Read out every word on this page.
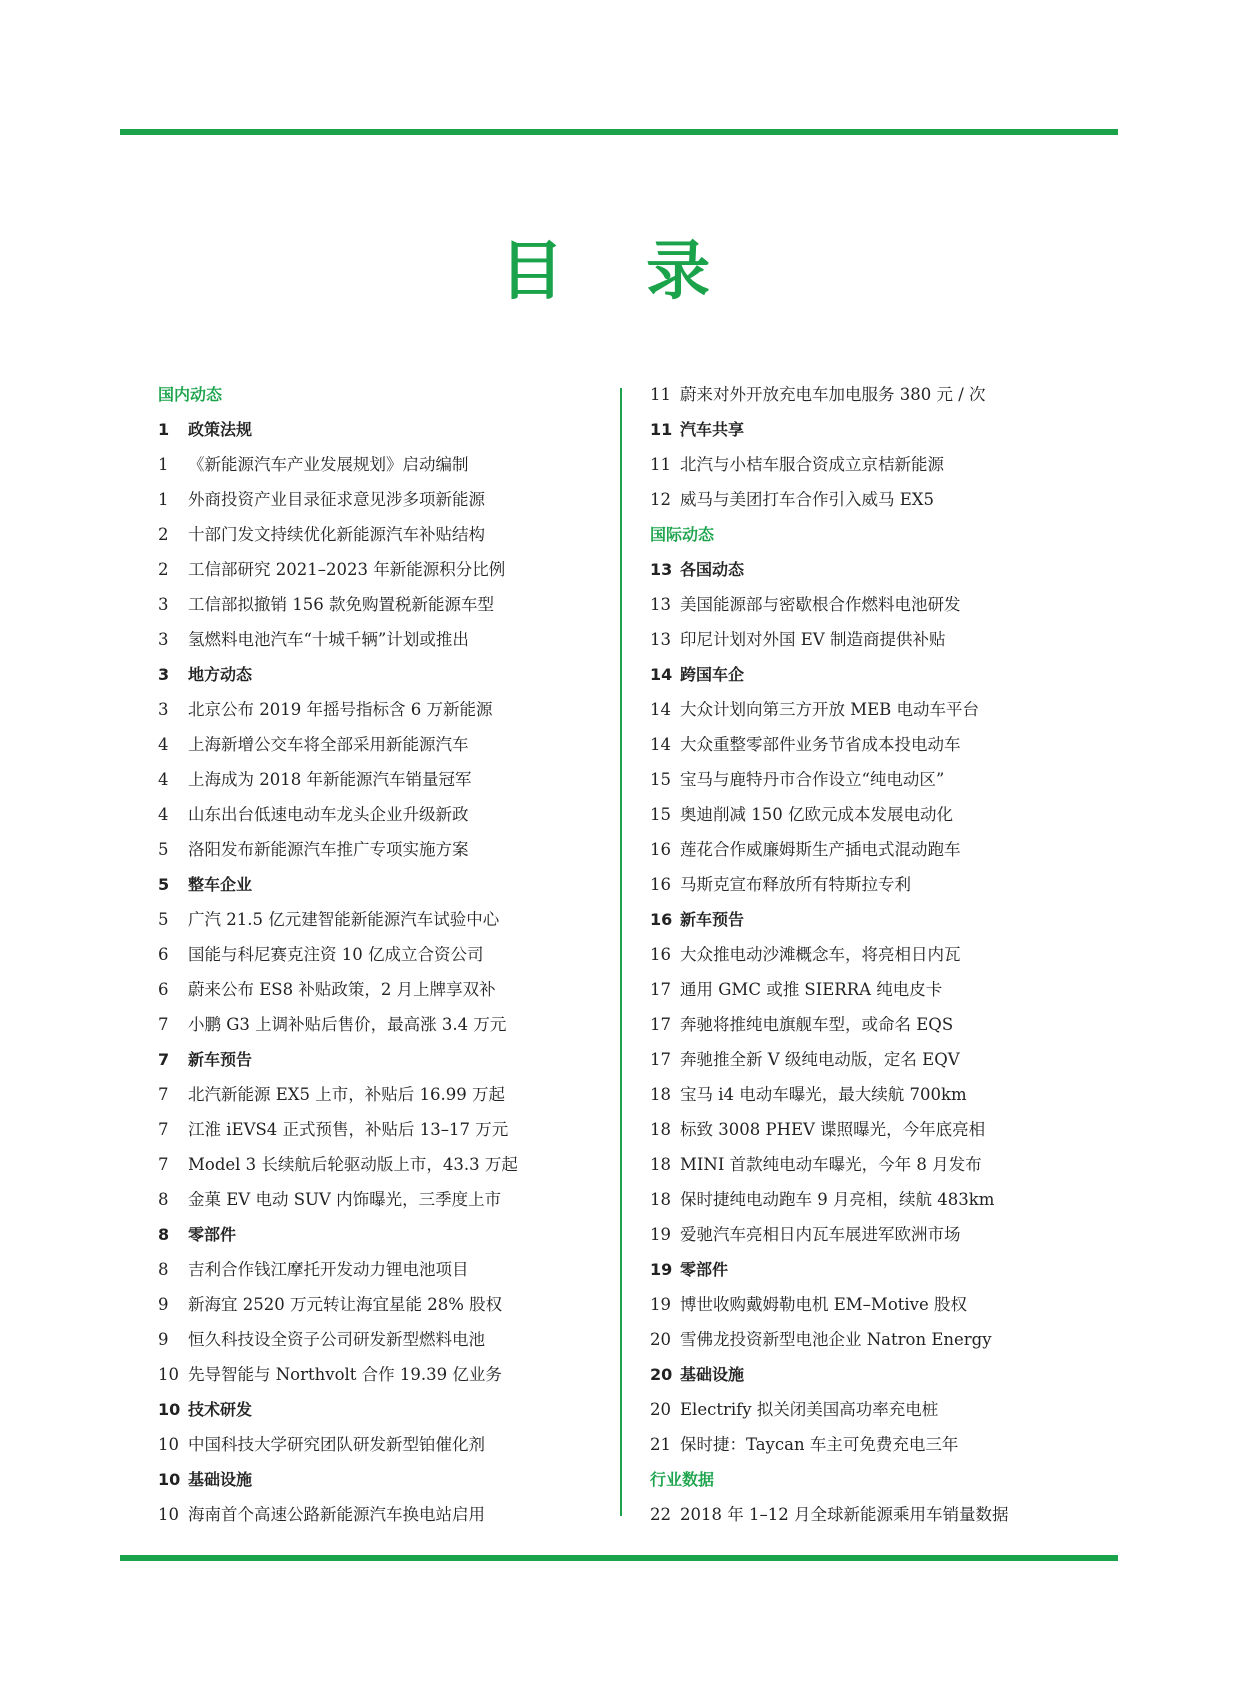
目 录
国内动态
1 政策法规
1 《新能源汽车产业发展规划》启动编制
1 外商投资产业目录征求意见涉多项新能源
2 十部门发文持续优化新能源汽车补贴结构
2 工信部研究 2021–2023 年新能源积分比例
3 工信部拟撤销 156 款免购置税新能源车型
3 氢燃料电池汽车“十城千辆”计划或推出
3 地方动态
3 北京公布 2019 年摇号指标含 6 万新能源
4 上海新增公交车将全部采用新能源汽车
4 上海成为 2018 年新能源汽车销量冠军
4 山东出台低速电动车龙头企业升级新政
5 洛阳发布新能源汽车推广专项实施方案
5 整车企业
5 广汽 21.5 亿元建智能新能源汽车试验中心
6 国能与科尼赛克注资 10 亿成立合资公司
6 蔚来公布 ES8 补贴政策，2 月上牌享双补
7 小鹏 G3 上调补贴后售价，最高涨 3.4 万元
7 新车预告
7 北汽新能源 EX5 上市，补贴后 16.99 万起
7 江淮 iEVS4 正式预售，补贴后 13–17 万元
7 Model 3 长续航后轮驱动版上市，43.3 万起
8 金菓 EV 电动 SUV 内饰曝光，三季度上市
8 零部件
8 吉利合作钱江摩托开发动力锂电池项目
9 新海宜 2520 万元转让海宜星能 28% 股权
9 恒久科技设全资子公司研发新型燃料电池
10 先导智能与 Northvolt 合作 19.39 亿业务
10 技术研发
10 中国科技大学研究团队研发新型铂催化剂
10 基础设施
10 海南首个高速公路新能源汽车换电站启用
11 蔚来对外开放充电车加电服务 380 元 / 次
11 汽车共享
11 北汽与小桔车服合资成立京桔新能源
12 威马与美团打车合作引入威马 EX5
国际动态
13 各国动态
13 美国能源部与密歇根合作燃料电池研发
13 印尼计划对外国 EV 制造商提供补贴
14 跨国车企
14 大众计划向第三方开放 MEB 电动车平台
14 大众重整零部件业务节省成本投电动车
15 宝马与鹿特丹市合作设立“纯电动区”
15 奥迪削减 150 亿欧元成本发展电动化
16 莲花合作威廉姆斯生产插电式混动跑车
16 马斯克宣布释放所有特斯拉专利
16 新车预告
16 大众推电动沙滩概念车，将亮相日内瓦
17 通用 GMC 或推 SIERRA 纯电皮卡
17 奔驰将推纯电旗舰车型，或命名 EQS
17 奔驰推全新 V 级纯电动版，定名 EQV
18 宝马 i4 电动车曝光，最大续航 700km
18 标致 3008 PHEV 谍照曝光，今年底亮相
18 MINI 首款纯电动车曝光，今年 8 月发布
18 保时捷纯电动跑车 9 月亮相，续航 483km
19 爱驰汽车亮相日内瓦车展进军欧洲市场
19 零部件
19 博世收购戴姆勒电机 EM–Motive 股权
20 雪佛龙投资新型电池企业 Natron Energy
20 基础设施
20 Electrify 拟关闭美国高功率充电桩
21 保时捷：Taycan 车主可免费充电三年
行业数据
22 2018 年 1–12 月全球新能源乘用车销量数据
